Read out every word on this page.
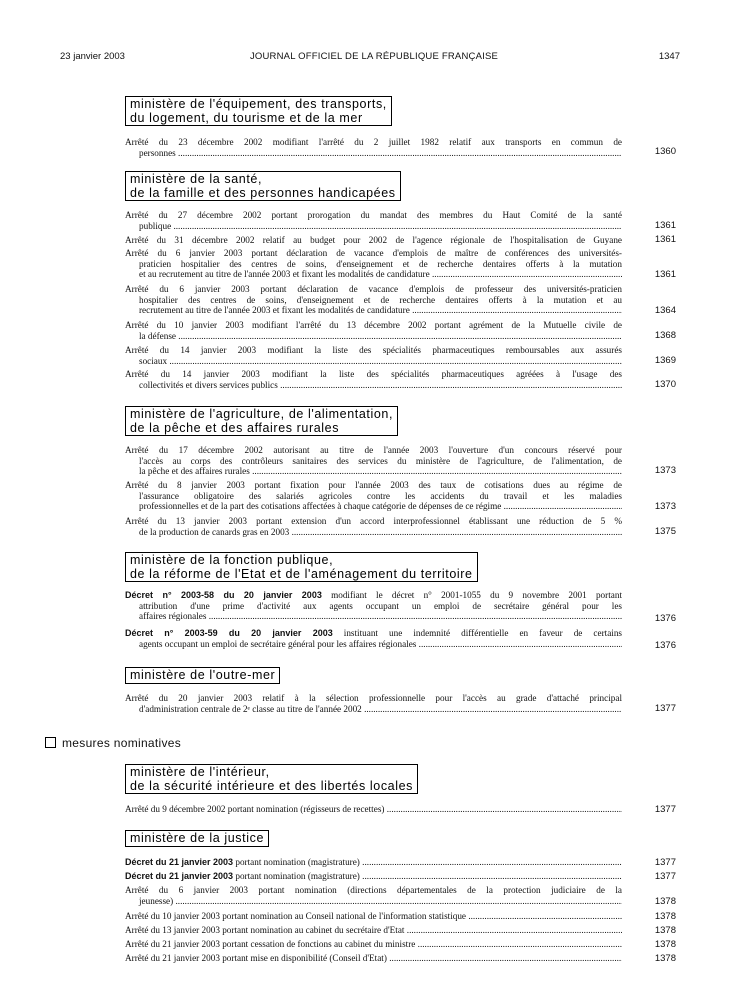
23 janvier 2003	JOURNAL OFFICIEL DE LA RÉPUBLIQUE FRANÇAISE	1347
ministère de l'équipement, des transports,
du logement, du tourisme et de la mer
Arrêté du 23 décembre 2002 modifiant l'arrêté du 2 juillet 1982 relatif aux transports en commun de
personnes .....	1360
ministère de la santé,
de la famille et des personnes handicapées
Arrêté du 27 décembre 2002 portant prorogation du mandat des membres du Haut Comité de la santé
publique .....	1361
Arrêté du 31 décembre 2002 relatif au budget pour 2002 de l'agence régionale de l'hospitalisation de Guyane	1361
Arrêté du 6 janvier 2003 portant déclaration de vacance d'emplois de maître de conférences des universités-
praticien hospitalier des centres de soins, d'enseignement et de recherche dentaires offerts à la mutation
et au recrutement au titre de l'année 2003 et fixant les modalités de candidature .....	1361
Arrêté du 6 janvier 2003 portant déclaration de vacance d'emplois de professeur des universités-praticien
hospitalier des centres de soins, d'enseignement et de recherche dentaires offerts à la mutation et au
recrutement au titre de l'année 2003 et fixant les modalités de candidature .....	1364
Arrêté du 10 janvier 2003 modifiant l'arrêté du 13 décembre 2002 portant agrément de la Mutuelle civile de
la défense .....	1368
Arrêté du 14 janvier 2003 modifiant la liste des spécialités pharmaceutiques remboursables aux assurés
sociaux .....	1369
Arrêté du 14 janvier 2003 modifiant la liste des spécialités pharmaceutiques agréées à l'usage des
collectivités et divers services publics .....	1370
ministère de l'agriculture, de l'alimentation,
de la pêche et des affaires rurales
Arrêté du 17 décembre 2002 autorisant au titre de l'année 2003 l'ouverture d'un concours réservé pour
l'accès au corps des contrôleurs sanitaires des services du ministère de l'agriculture, de l'alimentation, de
la pêche et des affaires rurales .....	1373
Arrêté du 8 janvier 2003 portant fixation pour l'année 2003 des taux de cotisations dues au régime de
l'assurance obligatoire des salariés agricoles contre les accidents du travail et les maladies
professionnelles et de la part des cotisations affectées à chaque catégorie de dépenses de ce régime .....	1373
Arrêté du 13 janvier 2003 portant extension d'un accord interprofessionnel établissant une réduction de 5 %
de la production de canards gras en 2003 .....	1375
ministère de la fonction publique,
de la réforme de l'Etat et de l'aménagement du territoire
Décret n° 2003-58 du 20 janvier 2003 modifiant le décret n° 2001-1055 du 9 novembre 2001 portant
attribution d'une prime d'activité aux agents occupant un emploi de secrétaire général pour les
affaires régionales .....	1376
Décret n° 2003-59 du 20 janvier 2003 instituant une indemnité différentielle en faveur de certains
agents occupant un emploi de secrétaire général pour les affaires régionales .....	1376
ministère de l'outre-mer
Arrêté du 20 janvier 2003 relatif à la sélection professionnelle pour l'accès au grade d'attaché principal
d'administration centrale de 2ᵉ classe au titre de l'année 2002 .....	1377
mesures nominatives
ministère de l'intérieur,
de la sécurité intérieure et des libertés locales
Arrêté du 9 décembre 2002 portant nomination (régisseurs de recettes) .....	1377
ministère de la justice
Décret du 21 janvier 2003 portant nomination (magistrature) .....	1377
Décret du 21 janvier 2003 portant nomination (magistrature) .....	1377
Arrêté du 6 janvier 2003 portant nomination (directions départementales de la protection judiciaire de la
jeunesse) .....	1378
Arrêté du 10 janvier 2003 portant nomination au Conseil national de l'information statistique .....	1378
Arrêté du 13 janvier 2003 portant nomination au cabinet du secrétaire d'Etat .....	1378
Arrêté du 21 janvier 2003 portant cessation de fonctions au cabinet du ministre .....	1378
Arrêté du 21 janvier 2003 portant mise en disponibilité (Conseil d'Etat) .....	1378
